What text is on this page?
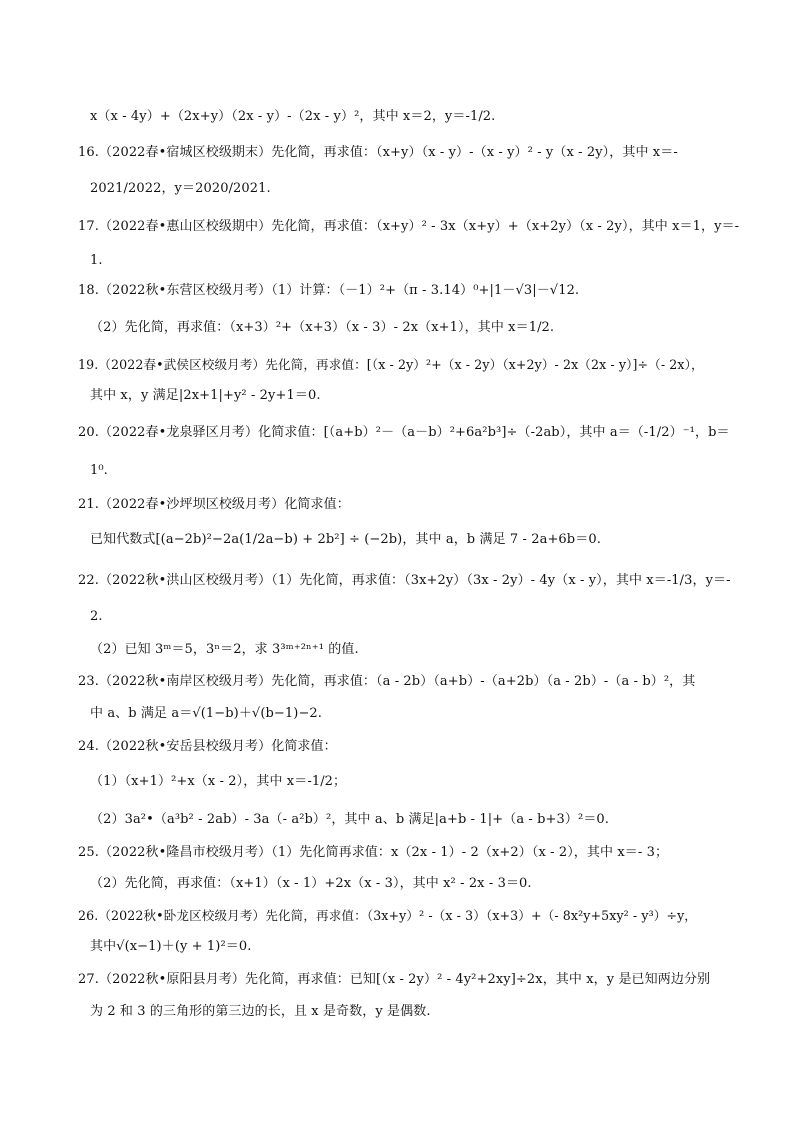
x（x - 4y）+（2x+y）（2x - y）-（2x - y）²，其中 x＝2，y＝-1/2.
16.（2022春•宿城区校级期末）先化简，再求值：（x+y）（x - y）-（x - y）² - y（x - 2y），其中 x＝-
2021/2022，y＝2020/2021.
17.（2022春•惠山区校级期中）先化简，再求值：（x+y）² - 3x（x+y）+（x+2y）（x - 2y），其中 x＝1，y＝-
1.
18.（2022秋•东营区校级月考）（1）计算：（－1）²+（π - 3.14）⁰+|1－√3|－√12.
（2）先化简，再求值：（x+3）²+（x+3）（x - 3）- 2x（x+1），其中 x＝1/2.
19.（2022春•武侯区校级月考）先化简，再求值：[（x - 2y）²+（x - 2y）（x+2y）- 2x（2x - y）]÷（- 2x），
其中 x，y 满足|2x+1|+y² - 2y+1＝0.
20.（2022春•龙泉驿区月考）化简求值：[（a+b）²－（a－b）²+6a²b³]÷（-2ab），其中 a＝（-1/2）⁻¹，b＝
1⁰.
21.（2022春•沙坪坝区校级月考）化简求值：
已知代数式[(a−2b)²−2a(1/2a−b) + 2b²] ÷ (−2b)，其中 a，b 满足 7 - 2a+6b＝0.
22.（2022秋•洪山区校级月考）（1）先化简，再求值：（3x+2y）（3x - 2y）- 4y（x - y），其中 x＝-1/3，y＝-
2.
（2）已知 3ᵐ＝5，3ⁿ＝2，求 3³ᵐ⁺²ⁿ⁺¹ 的值.
23.（2022秋•南岸区校级月考）先化简，再求值：（a - 2b）（a+b）-（a+2b）（a - 2b）-（a - b）²，其
中 a、b 满足 a＝√(1−b)＋√(b−1)−2.
24.（2022秋•安岳县校级月考）化简求值：
（1）（x+1）²+x（x - 2），其中 x＝-1/2；
（2）3a²•（a³b² - 2ab）- 3a（- a²b）²，其中 a、b 满足|a+b - 1|+（a - b+3）²＝0.
25.（2022秋•隆昌市校级月考）（1）先化简再求值：x（2x - 1）- 2（x+2）（x - 2），其中 x＝- 3；
（2）先化简，再求值：（x+1）（x - 1）+2x（x - 3），其中 x² - 2x - 3＝0.
26.（2022秋•卧龙区校级月考）先化简，再求值：（3x+y）² -（x - 3）（x+3）+（- 8x²y+5xy² - y³）÷y，
其中√(x−1)＋(y + 1)²＝0.
27.（2022秋•原阳县月考）先化简，再求值：已知[（x - 2y）² - 4y²+2xy]÷2x，其中 x，y 是已知两边分别
为 2 和 3 的三角形的第三边的长，且 x 是奇数，y 是偶数.
